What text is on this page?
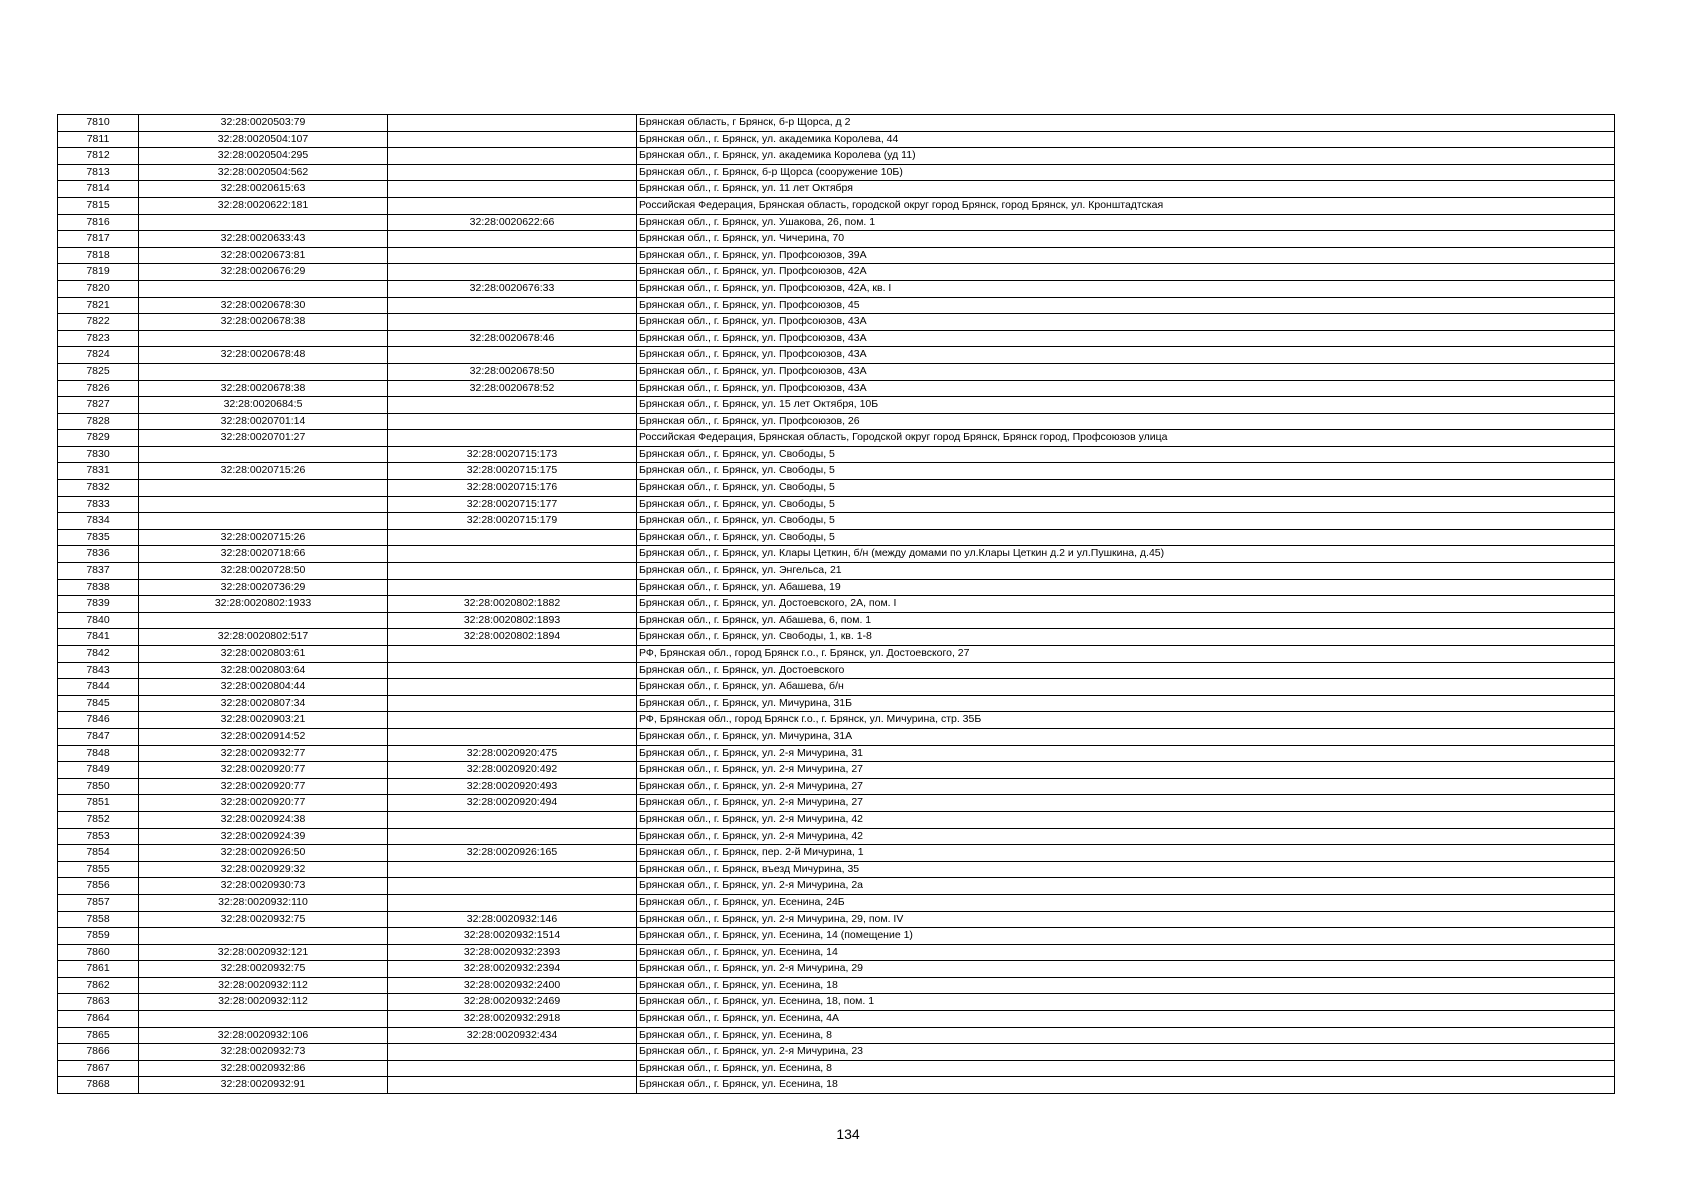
7810	32:28:0020503:79		Брянская область, г Брянск, б-р Щорса, д 2
7811	32:28:0020504:107		Брянская обл., г. Брянск, ул. академика Королева, 44
7812	32:28:0020504:295		Брянская обл., г. Брянск, ул. академика Королева (уд 11)
7813	32:28:0020504:562		Брянская обл., г. Брянск, б-р Щорса (сооружение 10Б)
7814	32:28:0020615:63		Брянская обл., г. Брянск, ул. 11 лет Октября
7815	32:28:0020622:181		Российская Федерация, Брянская область, городской округ город Брянск, город Брянск, ул. Кронштадтская
7816		32:28:0020622:66	Брянская обл., г. Брянск, ул. Ушакова, 26, пом. 1
7817	32:28:0020633:43		Брянская обл., г. Брянск, ул. Чичерина, 70
7818	32:28:0020673:81		Брянская обл., г. Брянск, ул. Профсоюзов, 39А
7819	32:28:0020676:29		Брянская обл., г. Брянск, ул. Профсоюзов, 42А
7820		32:28:0020676:33	Брянская обл., г. Брянск, ул. Профсоюзов, 42А, кв. I
7821	32:28:0020678:30		Брянская обл., г. Брянск, ул. Профсоюзов, 45
7822	32:28:0020678:38		Брянская обл., г. Брянск, ул. Профсоюзов, 43А
7823		32:28:0020678:46	Брянская обл., г. Брянск, ул. Профсоюзов, 43А
7824	32:28:0020678:48		Брянская обл., г. Брянск, ул. Профсоюзов, 43А
7825		32:28:0020678:50	Брянская обл., г. Брянск, ул. Профсоюзов, 43А
7826	32:28:0020678:38	32:28:0020678:52	Брянская обл., г. Брянск, ул. Профсоюзов, 43А
7827	32:28:0020684:5		Брянская обл., г. Брянск, ул. 15 лет Октября, 10Б
7828	32:28:0020701:14		Брянская обл., г. Брянск, ул. Профсоюзов, 26
7829	32:28:0020701:27		Российская Федерация, Брянская область, Городской округ город Брянск, Брянск город, Профсоюзов улица
7830		32:28:0020715:173	Брянская обл., г. Брянск, ул. Свободы, 5
7831	32:28:0020715:26	32:28:0020715:175	Брянская обл., г. Брянск, ул. Свободы, 5
7832		32:28:0020715:176	Брянская обл., г. Брянск, ул. Свободы, 5
7833		32:28:0020715:177	Брянская обл., г. Брянск, ул. Свободы, 5
7834		32:28:0020715:179	Брянская обл., г. Брянск, ул. Свободы, 5
7835	32:28:0020715:26		Брянская обл., г. Брянск, ул. Свободы, 5
7836	32:28:0020718:66		Брянская обл., г. Брянск, ул. Клары Цеткин, б/н (между домами по ул.Клары Цеткин д.2 и ул.Пушкина, д.45)
7837	32:28:0020728:50		Брянская обл., г. Брянск, ул. Энгельса, 21
7838	32:28:0020736:29		Брянская обл., г. Брянск, ул. Абашева, 19
7839	32:28:0020802:1933	32:28:0020802:1882	Брянская обл., г. Брянск, ул. Достоевского, 2А, пом. I
7840		32:28:0020802:1893	Брянская обл., г. Брянск, ул. Абашева, 6, пом. 1
7841	32:28:0020802:517	32:28:0020802:1894	Брянская обл., г. Брянск, ул. Свободы, 1, кв. 1-8
7842	32:28:0020803:61		РФ, Брянская обл., город Брянск г.о., г. Брянск, ул. Достоевского, 27
7843	32:28:0020803:64		Брянская обл., г. Брянск, ул. Достоевского
7844	32:28:0020804:44		Брянская обл., г. Брянск, ул. Абашева, б/н
7845	32:28:0020807:34		Брянская обл., г. Брянск, ул. Мичурина, 31Б
7846	32:28:0020903:21		РФ, Брянская обл., город Брянск г.о., г. Брянск, ул. Мичурина, стр. 35Б
7847	32:28:0020914:52		Брянская обл., г. Брянск, ул. Мичурина, 31А
7848	32:28:0020932:77	32:28:0020920:475	Брянская обл., г. Брянск, ул. 2-я Мичурина, 31
7849	32:28:0020920:77	32:28:0020920:492	Брянская обл., г. Брянск, ул. 2-я Мичурина, 27
7850	32:28:0020920:77	32:28:0020920:493	Брянская обл., г. Брянск, ул. 2-я Мичурина, 27
7851	32:28:0020920:77	32:28:0020920:494	Брянская обл., г. Брянск, ул. 2-я Мичурина, 27
7852	32:28:0020924:38		Брянская обл., г. Брянск, ул. 2-я Мичурина, 42
7853	32:28:0020924:39		Брянская обл., г. Брянск, ул. 2-я Мичурина, 42
7854	32:28:0020926:50	32:28:0020926:165	Брянская обл., г. Брянск, пер. 2-й Мичурина, 1
7855	32:28:0020929:32		Брянская обл., г. Брянск, въезд Мичурина, 35
7856	32:28:0020930:73		Брянская обл., г. Брянск, ул. 2-я Мичурина, 2а
7857	32:28:0020932:110		Брянская обл., г. Брянск, ул. Есенина, 24Б
7858	32:28:0020932:75	32:28:0020932:146	Брянская обл., г. Брянск, ул. 2-я Мичурина, 29, пом. IV
7859		32:28:0020932:1514	Брянская обл., г. Брянск, ул. Есенина, 14 (помещение 1)
7860	32:28:0020932:121	32:28:0020932:2393	Брянская обл., г. Брянск, ул. Есенина, 14
7861	32:28:0020932:75	32:28:0020932:2394	Брянская обл., г. Брянск, ул. 2-я Мичурина, 29
7862	32:28:0020932:112	32:28:0020932:2400	Брянская обл., г. Брянск, ул. Есенина, 18
7863	32:28:0020932:112	32:28:0020932:2469	Брянская обл., г. Брянск, ул. Есенина, 18, пом. 1
7864		32:28:0020932:2918	Брянская обл., г. Брянск, ул. Есенина, 4А
7865	32:28:0020932:106	32:28:0020932:434	Брянская обл., г. Брянск, ул. Есенина, 8
7866	32:28:0020932:73		Брянская обл., г. Брянск, ул. 2-я Мичурина, 23
7867	32:28:0020932:86		Брянская обл., г. Брянск, ул. Есенина, 8
7868	32:28:0020932:91		Брянская обл., г. Брянск, ул. Есенина, 18
134
